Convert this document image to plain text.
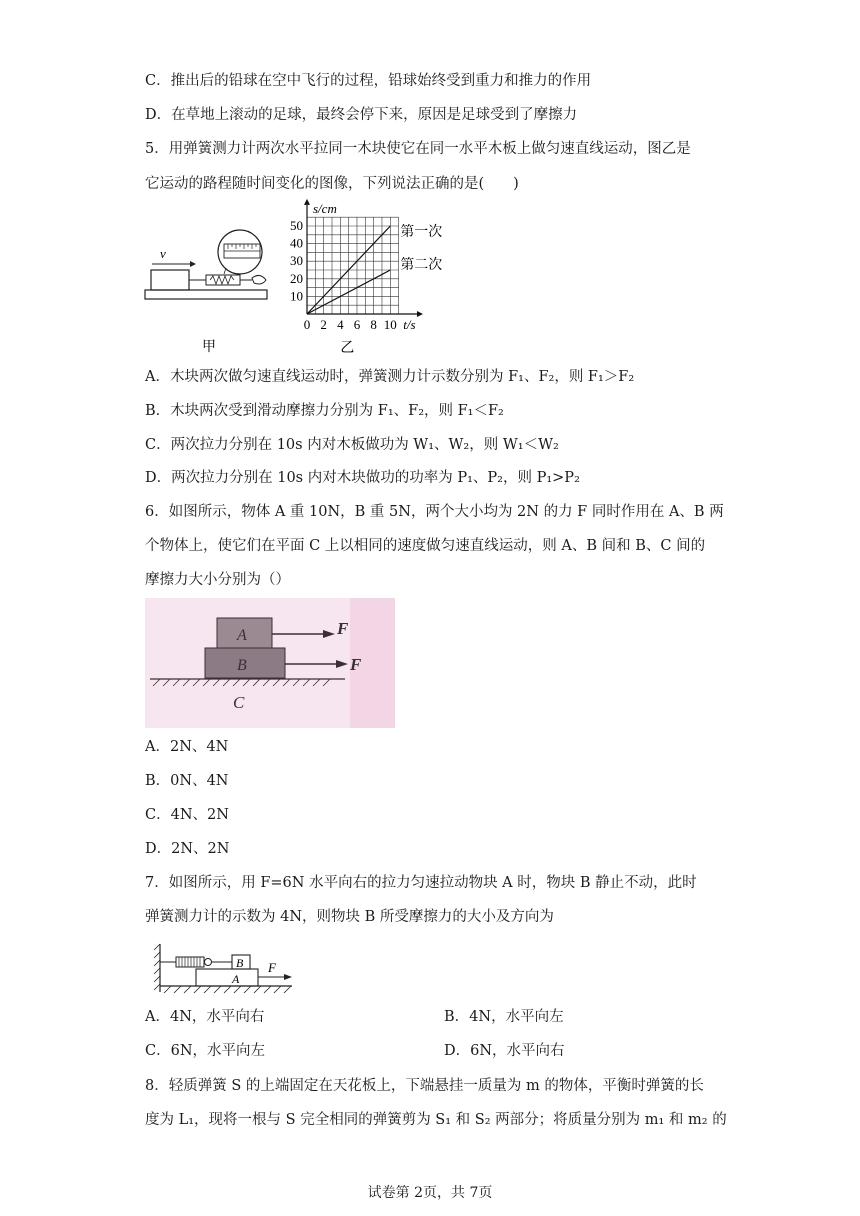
C．推出后的铅球在空中飞行的过程，铅球始终受到重力和推力的作用
D．在草地上滚动的足球，最终会停下来，原因是足球受到了摩擦力
5．用弹簧测力计两次水平拉同一木块使它在同一水平木板上做匀速直线运动，图乙是
它运动的路程随时间变化的图像，下列说法正确的是(　　)
v
甲
0 2 4 6 8 10
10
20
30
40
50
t/s
s/cm
第一次
第二次
乙
A．木块两次做匀速直线运动时，弹簧测力计示数分别为 F₁、F₂，则 F₁＞F₂
B．木块两次受到滑动摩擦力分别为 F₁、F₂，则 F₁＜F₂
C．两次拉力分别在 10s 内对木板做功为 W₁、W₂，则 W₁＜W₂
D．两次拉力分别在 10s 内对木块做功的功率为 P₁、P₂，则 P₁>P₂
6．如图所示，物体 A 重 10N，B 重 5N，两个大小均为 2N 的力 F 同时作用在 A、B 两
个物体上，使它们在平面 C 上以相同的速度做匀速直线运动，则 A、B 间和 B、C 间的
摩擦力大小分别为（）
A
B
F
F
C
A．2N、4N
B．0N、4N
C．4N、2N
D．2N、2N
7．如图所示，用 F=6N 水平向右的拉力匀速拉动物块 A 时，物块 B 静止不动，此时
弹簧测力计的示数为 4N，则物块 B 所受摩擦力的大小及方向为
B
A
F
A．4N，水平向右	B．4N，水平向左
C．6N，水平向左	D．6N，水平向右
8．轻质弹簧 S 的上端固定在天花板上，下端悬挂一质量为 m 的物体，平衡时弹簧的长
度为 L₁，现将一根与 S 完全相同的弹簧剪为 S₁ 和 S₂ 两部分；将质量分别为 m₁ 和 m₂ 的
试卷第 2页，共 7页
